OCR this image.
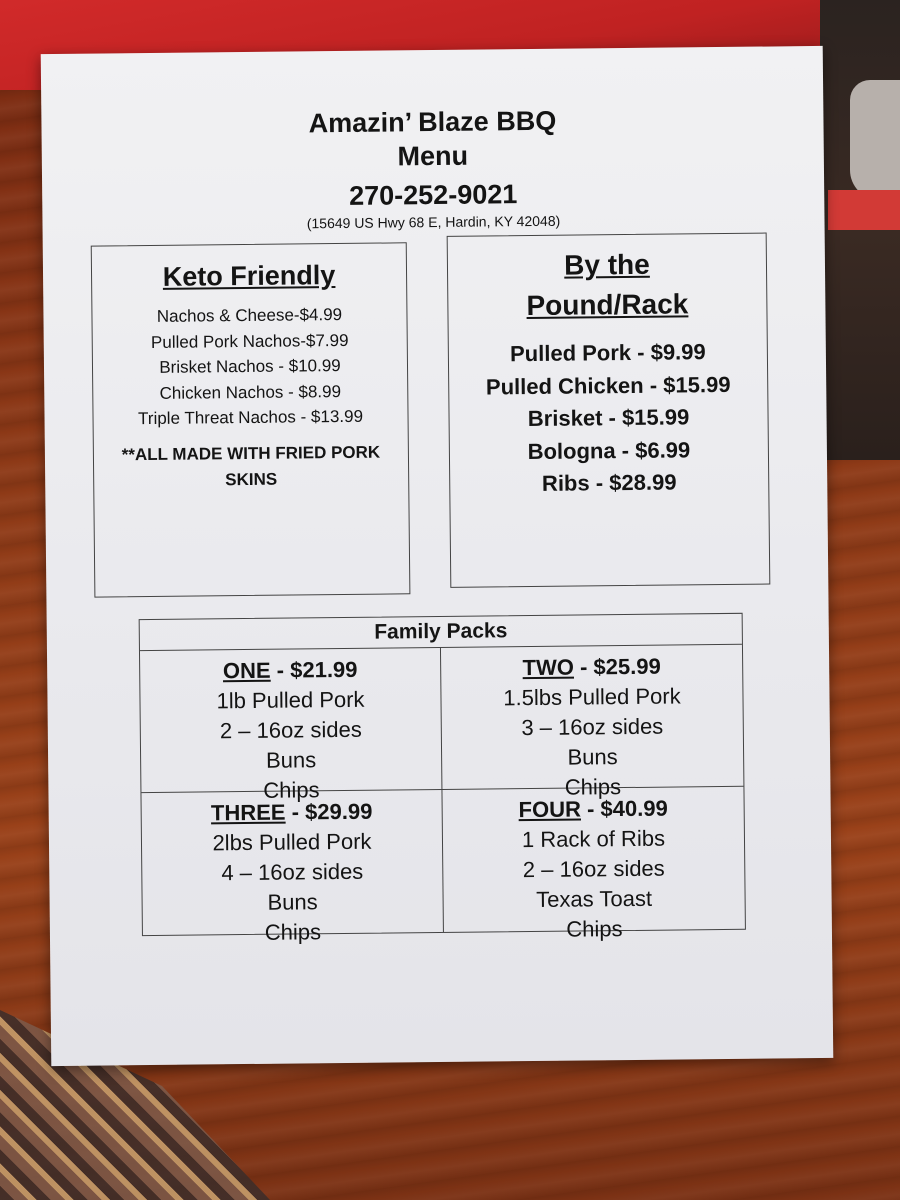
Amazin’ Blaze BBQ
Menu
270-252-9021
(15649 US Hwy 68 E, Hardin, KY 42048)
Keto Friendly
Nachos & Cheese-$4.99
Pulled Pork Nachos-$7.99
Brisket Nachos - $10.99
Chicken Nachos - $8.99
Triple Threat Nachos - $13.99
**ALL MADE WITH FRIED PORK SKINS
By the
Pound/Rack
Pulled Pork - $9.99
Pulled Chicken - $15.99
Brisket - $15.99
Bologna - $6.99
Ribs - $28.99
Family Packs
ONE - $21.99
1lb Pulled Pork
2 – 16oz sides
Buns
Chips
TWO - $25.99
1.5lbs Pulled Pork
3 – 16oz sides
Buns
Chips
THREE - $29.99
2lbs Pulled Pork
4 – 16oz sides
Buns
Chips
FOUR - $40.99
1 Rack of Ribs
2 – 16oz sides
Texas Toast
Chips
